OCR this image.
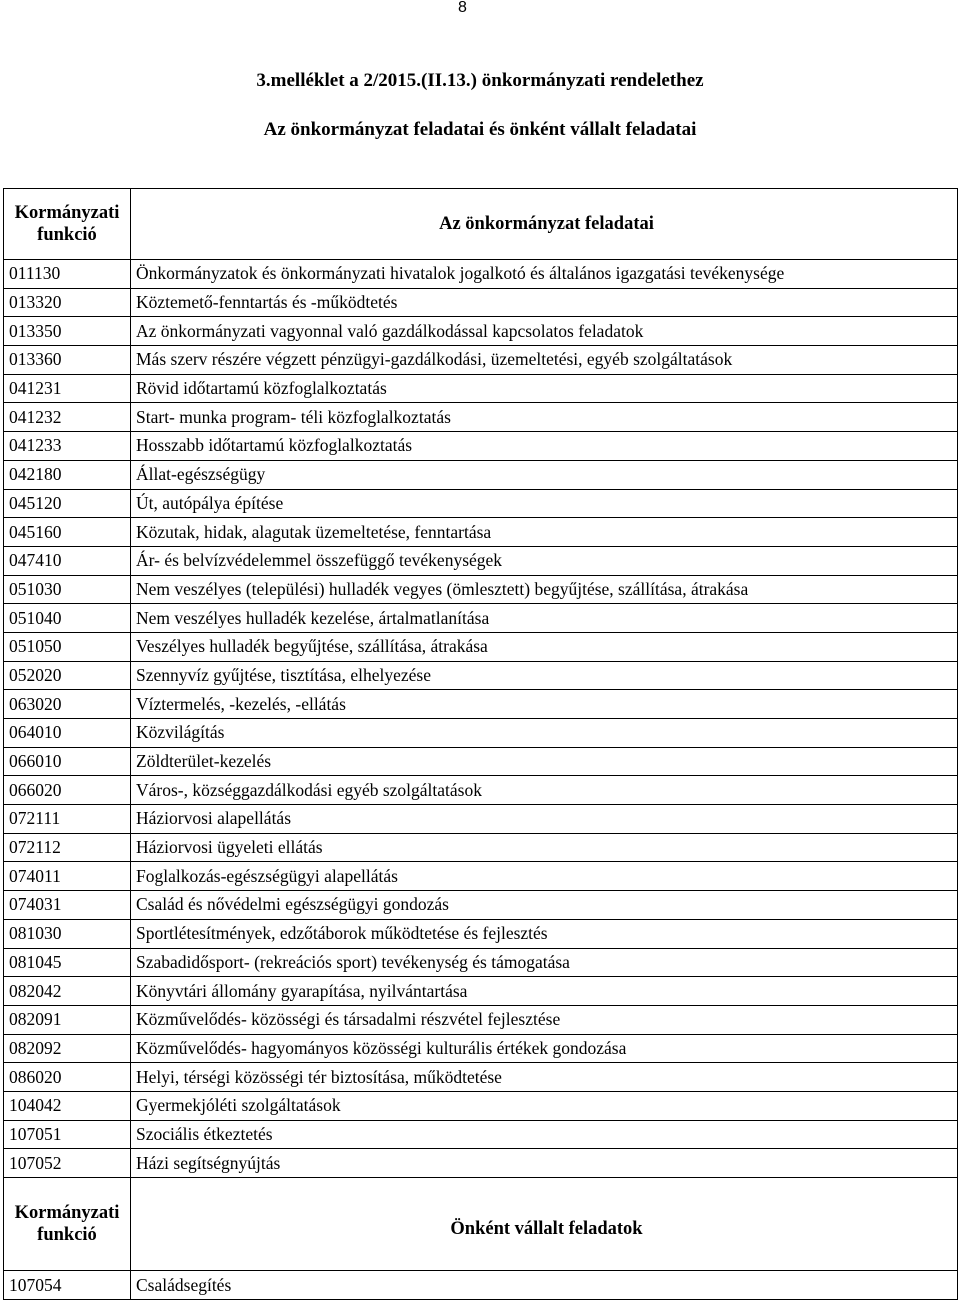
8
3.melléklet a 2/2015.(II.13.) önkormányzati rendelethez
Az önkormányzat feladatai és önként vállalt feladatai
Kormányzati
funkció	Az önkormányzat feladatai
011130	Önkormányzatok és önkormányzati hivatalok jogalkotó és általános igazgatási tevékenysége
013320	Köztemető-fenntartás és -működtetés
013350	Az önkormányzati vagyonnal való gazdálkodással kapcsolatos feladatok
013360	Más szerv részére végzett pénzügyi-gazdálkodási, üzemeltetési, egyéb szolgáltatások
041231	Rövid időtartamú közfoglalkoztatás
041232	Start- munka program- téli közfoglalkoztatás
041233	Hosszabb időtartamú közfoglalkoztatás
042180	Állat-egészségügy
045120	Út, autópálya építése
045160	Közutak, hidak, alagutak üzemeltetése, fenntartása
047410	Ár- és belvízvédelemmel összefüggő tevékenységek
051030	Nem veszélyes (települési) hulladék vegyes (ömlesztett) begyűjtése, szállítása, átrakása
051040	Nem veszélyes hulladék kezelése, ártalmatlanítása
051050	Veszélyes hulladék begyűjtése, szállítása, átrakása
052020	Szennyvíz gyűjtése, tisztítása, elhelyezése
063020	Víztermelés, -kezelés, -ellátás
064010	Közvilágítás
066010	Zöldterület-kezelés
066020	Város-, községgazdálkodási egyéb szolgáltatások
072111	Háziorvosi alapellátás
072112	Háziorvosi ügyeleti ellátás
074011	Foglalkozás-egészségügyi alapellátás
074031	Család és nővédelmi egészségügyi gondozás
081030	Sportlétesítmények, edzőtáborok működtetése és fejlesztés
081045	Szabadidősport- (rekreációs sport) tevékenység és támogatása
082042	Könyvtári állomány gyarapítása, nyilvántartása
082091	Közművelődés- közösségi és társadalmi részvétel fejlesztése
082092	Közművelődés- hagyományos közösségi kulturális értékek gondozása
086020	Helyi, térségi közösségi tér biztosítása, működtetése
104042	Gyermekjóléti szolgáltatások
107051	Szociális étkeztetés
107052	Házi segítségnyújtás
Kormányzati
funkció	Önként vállalt feladatok
107054	Családsegítés
